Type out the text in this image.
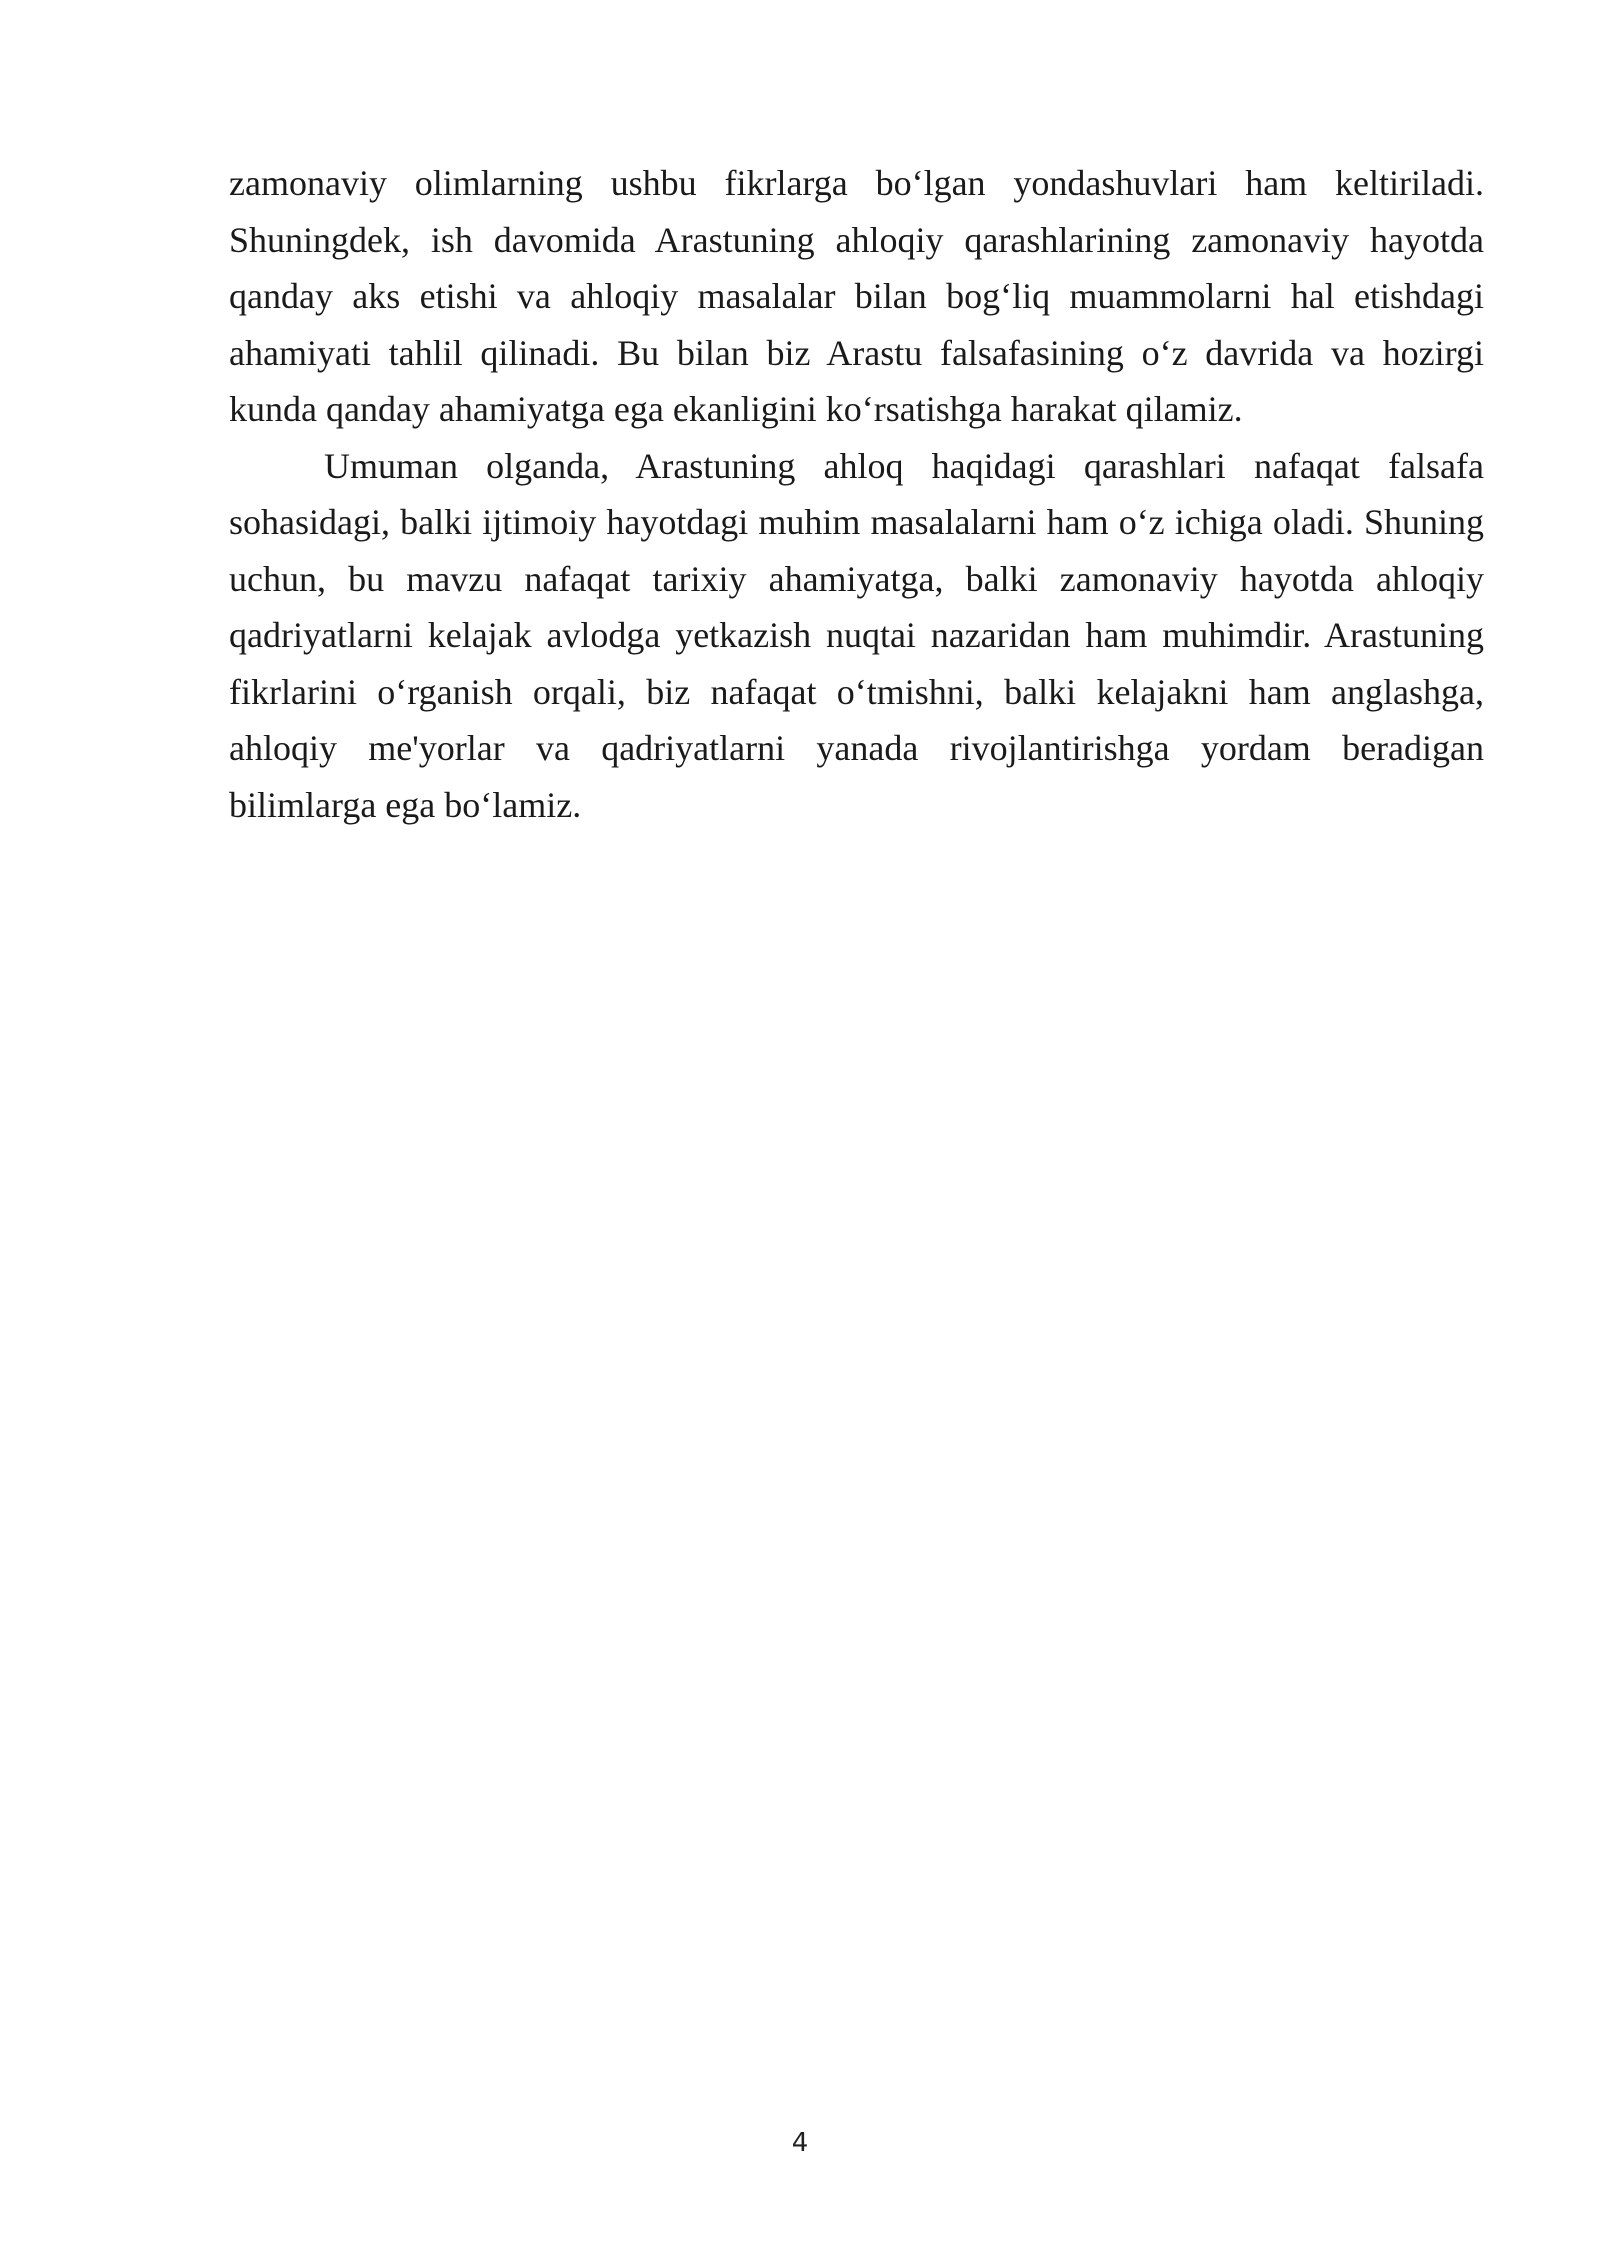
zamonaviy olimlarning ushbu fikrlarga bo‘lgan yondashuvlari ham keltiriladi. Shuningdek, ish davomida Arastuning ahloqiy qarashlarining zamonaviy hayotda qanday aks etishi va ahloqiy masalalar bilan bog‘liq muammolarni hal etishdagi ahamiyati tahlil qilinadi. Bu bilan biz Arastu falsafasining o‘z davrida va hozirgi kunda qanday ahamiyatga ega ekanligini ko‘rsatishga harakat qilamiz.

Umuman olganda, Arastuning ahloq haqidagi qarashlari nafaqat falsafa sohasidagi, balki ijtimoiy hayotdagi muhim masalalarni ham o‘z ichiga oladi. Shuning uchun, bu mavzu nafaqat tarixiy ahamiyatga, balki zamonaviy hayotda ahloqiy qadriyatlarni kelajak avlodga yetkazish nuqtai nazaridan ham muhimdir. Arastuning fikrlarini o‘rganish orqali, biz nafaqat o‘tmishni, balki kelajakni ham anglashga, ahloqiy me'yorlar va qadriyatlarni yanada rivojlantirishga yordam beradigan bilimlarga ega bo‘lamiz.

4
